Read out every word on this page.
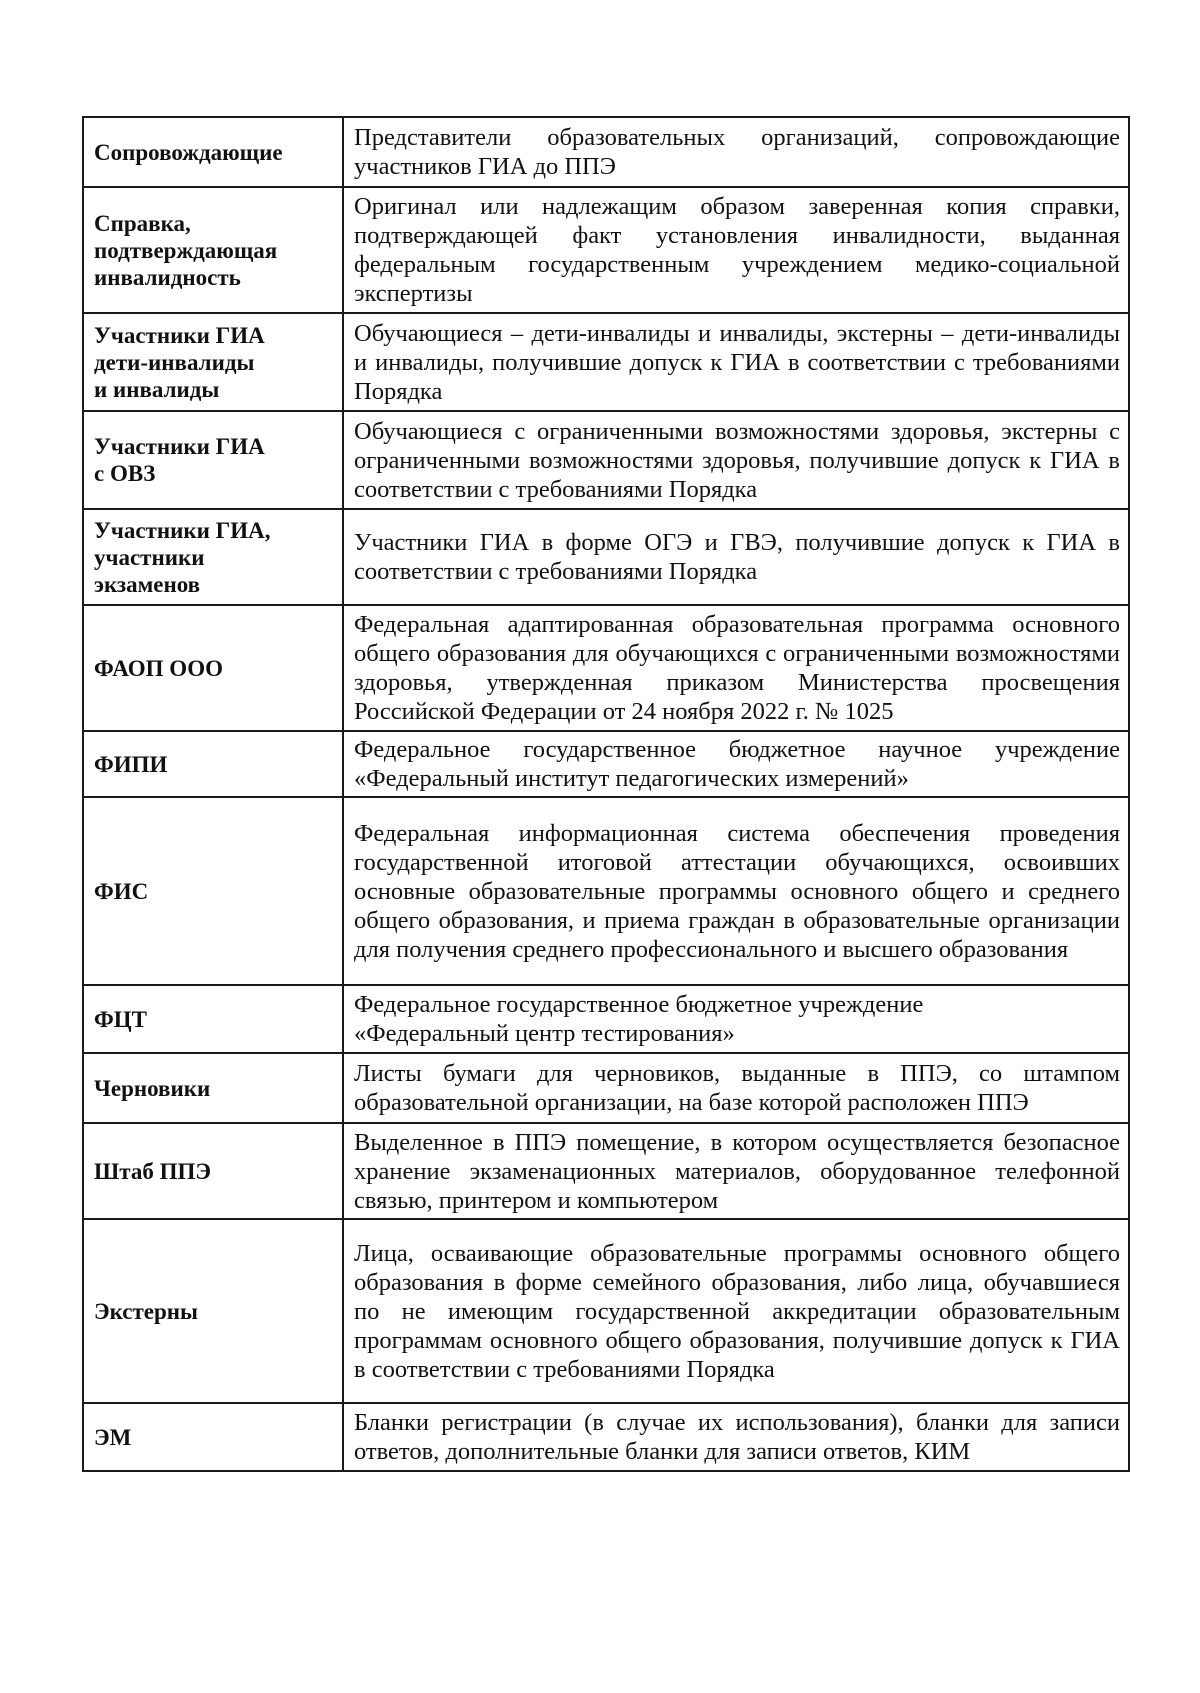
Сопровождающие	Представители образовательных организаций, сопровождающие участников ГИА до ППЭ
Справка,
подтверждающая
инвалидность	Оригинал или надлежащим образом заверенная копия справки, подтверждающей факт установления инвалидности, выданная федеральным государственным учреждением медико-социальной экспертизы
Участники ГИА
дети-инвалиды
и инвалиды	Обучающиеся – дети-инвалиды и инвалиды, экстерны – дети-инвалиды и инвалиды, получившие допуск к ГИА в соответствии с требованиями Порядка
Участники ГИА
с ОВЗ	Обучающиеся с ограниченными возможностями здоровья, экстерны с ограниченными возможностями здоровья, получившие допуск к ГИА в соответствии с требованиями Порядка
Участники ГИА,
участники
экзаменов	Участники ГИА в форме ОГЭ и ГВЭ, получившие допуск к ГИА в соответствии с требованиями Порядка
ФАОП ООО	Федеральная адаптированная образовательная программа основного общего образования для обучающихся с ограниченными возможностями здоровья, утвержденная приказом Министерства просвещения Российской Федерации от 24 ноября 2022 г. № 1025
ФИПИ	Федеральное государственное бюджетное научное учреждение «Федеральный институт педагогических измерений»
ФИС	Федеральная информационная система обеспечения проведения государственной итоговой аттестации обучающихся, освоивших основные образовательные программы основного общего и среднего общего образования, и приема граждан в образовательные организации для получения среднего профессионального и высшего образования
ФЦТ	Федеральное государственное бюджетное учреждение
«Федеральный центр тестирования»
Черновики	Листы бумаги для черновиков, выданные в ППЭ, со штампом образовательной организации, на базе которой расположен ППЭ
Штаб ППЭ	Выделенное в ППЭ помещение, в котором осуществляется безопасное хранение экзаменационных материалов, оборудованное телефонной связью, принтером и компьютером
Экстерны	Лица, осваивающие образовательные программы основного общего образования в форме семейного образования, либо лица, обучавшиеся по не имеющим государственной аккредитации образовательным программам основного общего образования, получившие допуск к ГИА в соответствии с требованиями Порядка
ЭМ	Бланки регистрации (в случае их использования), бланки для записи ответов, дополнительные бланки для записи ответов, КИМ
